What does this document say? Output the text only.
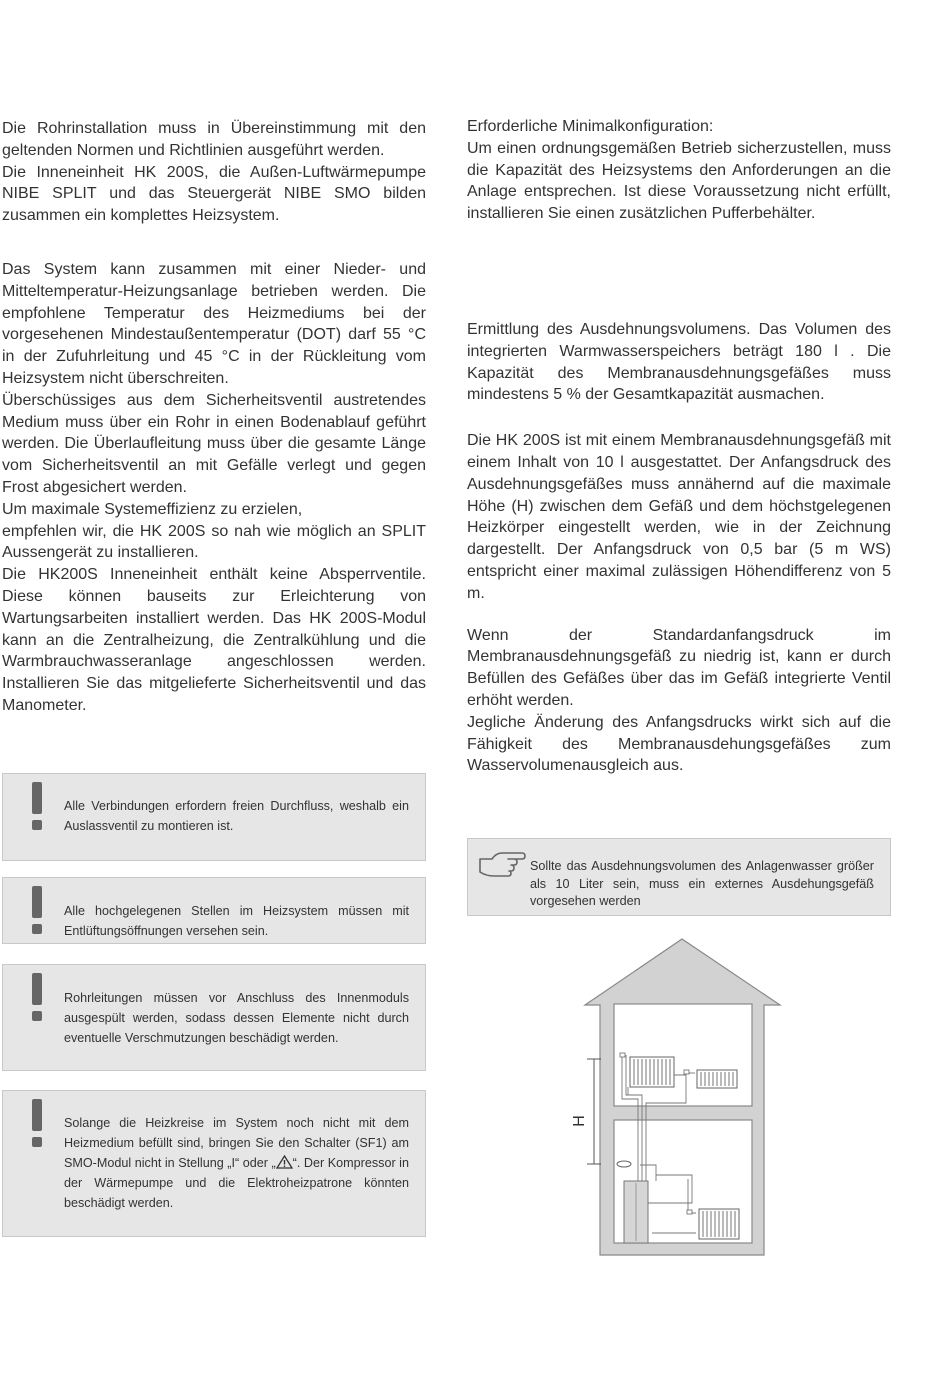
Die Rohrinstallation muss in Übereinstimmung mit den geltenden Normen und Richtlinien ausgeführt werden.

Die Inneneinheit HK 200S, die Außen-Luftwärmepumpe NIBE SPLIT und das Steuergerät NIBE SMO bilden zusammen ein komplettes Heizsystem.

Das System kann zusammen mit einer Nieder- und Mitteltemperatur-Heizungsanlage betrieben werden. Die empfohlene Temperatur des Heizmediums bei der vorgesehenen Mindestaußentemperatur (DOT) darf 55 °C in der Zufuhrleitung und 45 °C in der Rückleitung vom Heizsystem nicht überschreiten.

Überschüssiges aus dem Sicherheitsventil austretendes Medium muss über ein Rohr in einen Bodenablauf geführt werden. Die Überlaufleitung muss über die gesamte Länge vom Sicherheitsventil an mit Gefälle verlegt und gegen Frost abgesichert werden.

Um maximale Systemeffizienz zu erzielen,

empfehlen wir, die HK 200S so nah wie möglich an SPLIT Aussengerät zu installieren.

Die HK200S Inneneinheit enthält keine Absperrventile. Diese können bauseits zur Erleichterung von Wartungsarbeiten installiert werden. Das HK 200S-Modul kann an die Zentralheizung, die Zentralkühlung und die Warmbrauchwasseranlage angeschlossen werden. Installieren Sie das mitgelieferte Sicherheitsventil und das Manometer.

Alle Verbindungen erfordern freien Durchfluss, weshalb ein Auslassventil zu montieren ist.
Alle hochgelegenen Stellen im Heizsystem müssen mit Entlüftungsöffnungen versehen sein.
Rohrleitungen müssen vor Anschluss des Innenmoduls ausgespült werden, sodass dessen Elemente nicht durch eventuelle Verschmutzungen beschädigt werden.
Solange die Heizkreise im System noch nicht mit dem Heizmedium befüllt sind, bringen Sie den Schalter (SF1) am SMO-Modul nicht in Stellung „I“ oder „ “. Der Kompressor in der Wärmepumpe und die Elektroheizpatrone könnten beschädigt werden.

Erforderliche Minimalkonfiguration:

Um einen ordnungsgemäßen Betrieb sicherzustellen, muss die Kapazität des Heizsystems den Anforderungen an die Anlage entsprechen. Ist diese Voraussetzung nicht erfüllt, installieren Sie einen zusätzlichen Pufferbehälter.

Ermittlung des Ausdehnungsvolumens. Das Volumen des integrierten Warmwasserspeichers beträgt 180 l . Die Kapazität des Membranausdehnungsgefäßes muss mindestens 5 % der Gesamtkapazität ausmachen.

Die HK 200S ist mit einem Membranausdehnungsgefäß mit einem Inhalt von 10 l ausgestattet. Der Anfangsdruck des Ausdehnungsgefäßes muss annähernd auf die maximale Höhe (H) zwischen dem Gefäß und dem höchstgelegenen Heizkörper eingestellt werden, wie in der Zeichnung dargestellt. Der Anfangsdruck von 0,5 bar (5 m WS) entspricht einer maximal zulässigen Höhendifferenz von 5 m.

Wenn der Standardanfangsdruck im Membranausdehnungsgefäß zu niedrig ist, kann er durch Befüllen des Gefäßes über das im Gefäß integrierte Ventil erhöht werden.

Jegliche Änderung des Anfangsdrucks wirkt sich auf die Fähigkeit des Membranausdehungsgefäßes zum Wasservolumenausgleich aus.

Sollte das Ausdehnungsvolumen des Anlagenwasser größer als 10 Liter sein, muss ein externes Ausdehungsgefäß vorgesehen werden
H
